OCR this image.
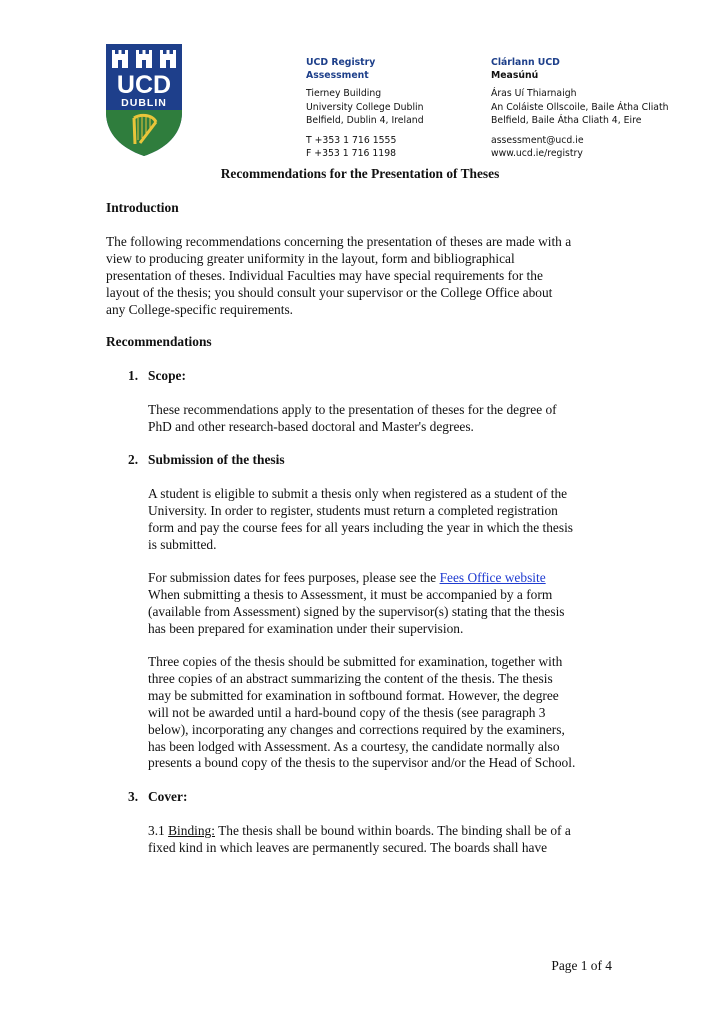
UCD
DUBLIN
UCD Registry
Assessment
Tierney Building
University College Dublin
Belfield, Dublin 4, Ireland
T +353 1 716 1555
F +353 1 716 1198
Clárlann UCD
Measúnú
Áras Uí Thiarnaigh
An Coláiste Ollscoile, Baile Átha Cliath
Belfield, Baile Átha Cliath 4, Eire
assessment@ucd.ie
www.ucd.ie/registry
Recommendations for the Presentation of Theses
Introduction
The following recommendations concerning the presentation of theses are made with a
view to producing greater uniformity in the layout, form and bibliographical
presentation of theses. Individual Faculties may have special requirements for the
layout of the thesis; you should consult your supervisor or the College Office about
any College-specific requirements.
Recommendations
1. Scope:
These recommendations apply to the presentation of theses for the degree of
PhD and other research-based doctoral and Master's degrees.
2. Submission of the thesis
A student is eligible to submit a thesis only when registered as a student of the
University. In order to register, students must return a completed registration
form and pay the course fees for all years including the year in which the thesis
is submitted.
For submission dates for fees purposes, please see the Fees Office website
When submitting a thesis to Assessment, it must be accompanied by a form
(available from Assessment) signed by the supervisor(s) stating that the thesis
has been prepared for examination under their supervision.
Three copies of the thesis should be submitted for examination, together with
three copies of an abstract summarizing the content of the thesis. The thesis
may be submitted for examination in softbound format. However, the degree
will not be awarded until a hard-bound copy of the thesis (see paragraph 3
below), incorporating any changes and corrections required by the examiners,
has been lodged with Assessment. As a courtesy, the candidate normally also
presents a bound copy of the thesis to the supervisor and/or the Head of School.
3. Cover:
3.1 Binding: The thesis shall be bound within boards. The binding shall be of a
fixed kind in which leaves are permanently secured. The boards shall have
Page 1 of 4
